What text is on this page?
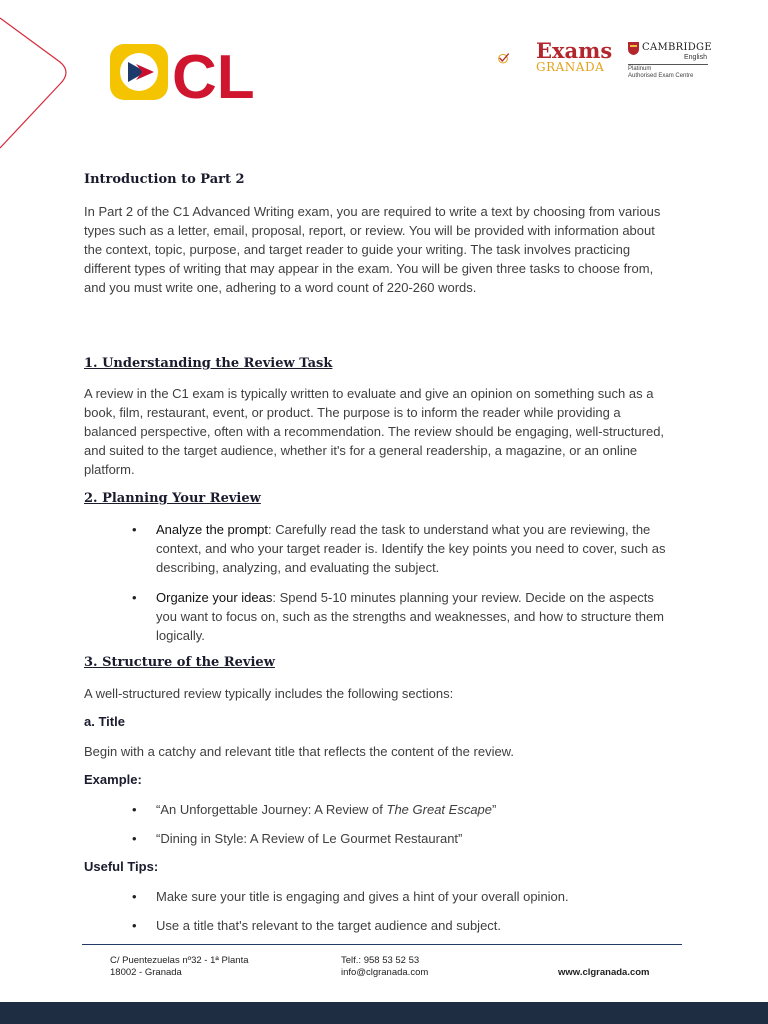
CL	Exams
GRANADA
CAMBRIDGE
English
Platinum
Authorised Exam Centre
Introduction to Part 2

In Part 2 of the C1 Advanced Writing exam, you are required to write a text by choosing from various types such as a letter, email, proposal, report, or review. You will be provided with information about the context, topic, purpose, and target reader to guide your writing. The task involves practicing different types of writing that may appear in the exam. You will be given three tasks to choose from, and you must write one, adhering to a word count of 220-260 words.

1. Understanding the Review Task

A review in the C1 exam is typically written to evaluate and give an opinion on something such as a book, film, restaurant, event, or product. The purpose is to inform the reader while providing a balanced perspective, often with a recommendation. The review should be engaging, well-structured, and suited to the target audience, whether it's for a general readership, a magazine, or an online platform.

2. Planning Your Review
• Analyze the prompt: Carefully read the task to understand what you are reviewing, the context, and who your target reader is. Identify the key points you need to cover, such as describing, analyzing, and evaluating the subject.
• Organize your ideas: Spend 5-10 minutes planning your review. Decide on the aspects you want to focus on, such as the strengths and weaknesses, and how to structure them logically.
3. Structure of the Review

A well-structured review typically includes the following sections:

a. Title

Begin with a catchy and relevant title that reflects the content of the review.

Example:
• “An Unforgettable Journey: A Review of The Great Escape”
• “Dining in Style: A Review of Le Gourmet Restaurant”
Useful Tips:
• Make sure your title is engaging and gives a hint of your overall opinion.
• Use a title that's relevant to the target audience and subject.
C/ Puentezuelas nº32 - 1ª Planta
18002 - Granada
Telf.: 958 53 52 53
info@clgranada.com	www.clgranada.com
